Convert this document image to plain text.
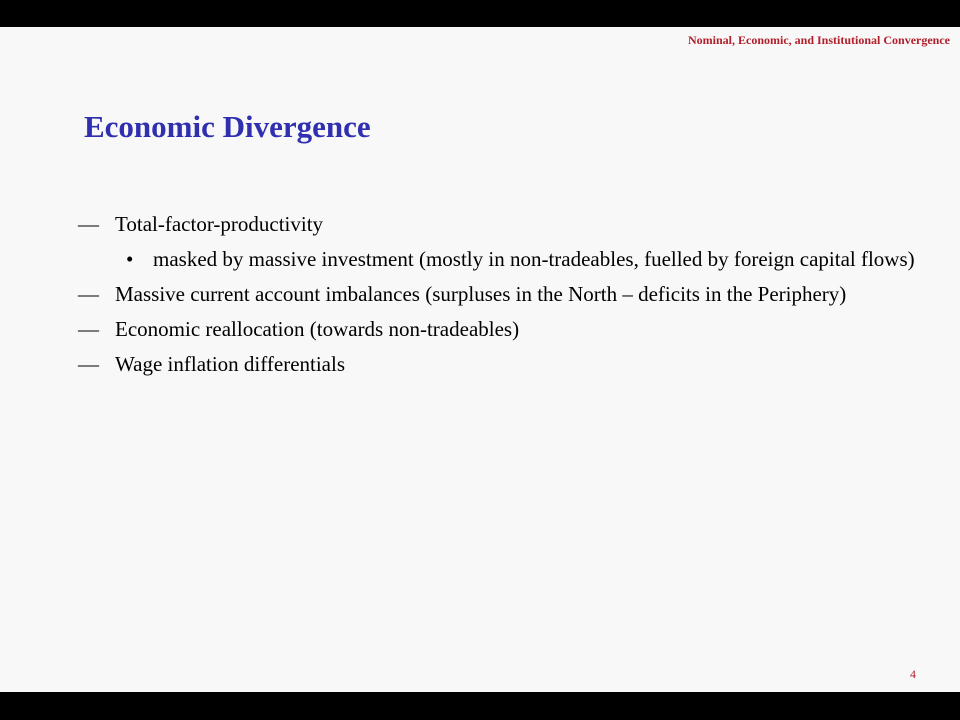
Nominal, Economic, and Institutional Convergence
Economic Divergence
— Total-factor-productivity
• masked by massive investment (mostly in non-tradeables, fuelled by foreign capital flows)
— Massive current account imbalances (surpluses in the North – deficits in the Periphery)
— Economic reallocation (towards non-tradeables)
— Wage inflation differentials
4
